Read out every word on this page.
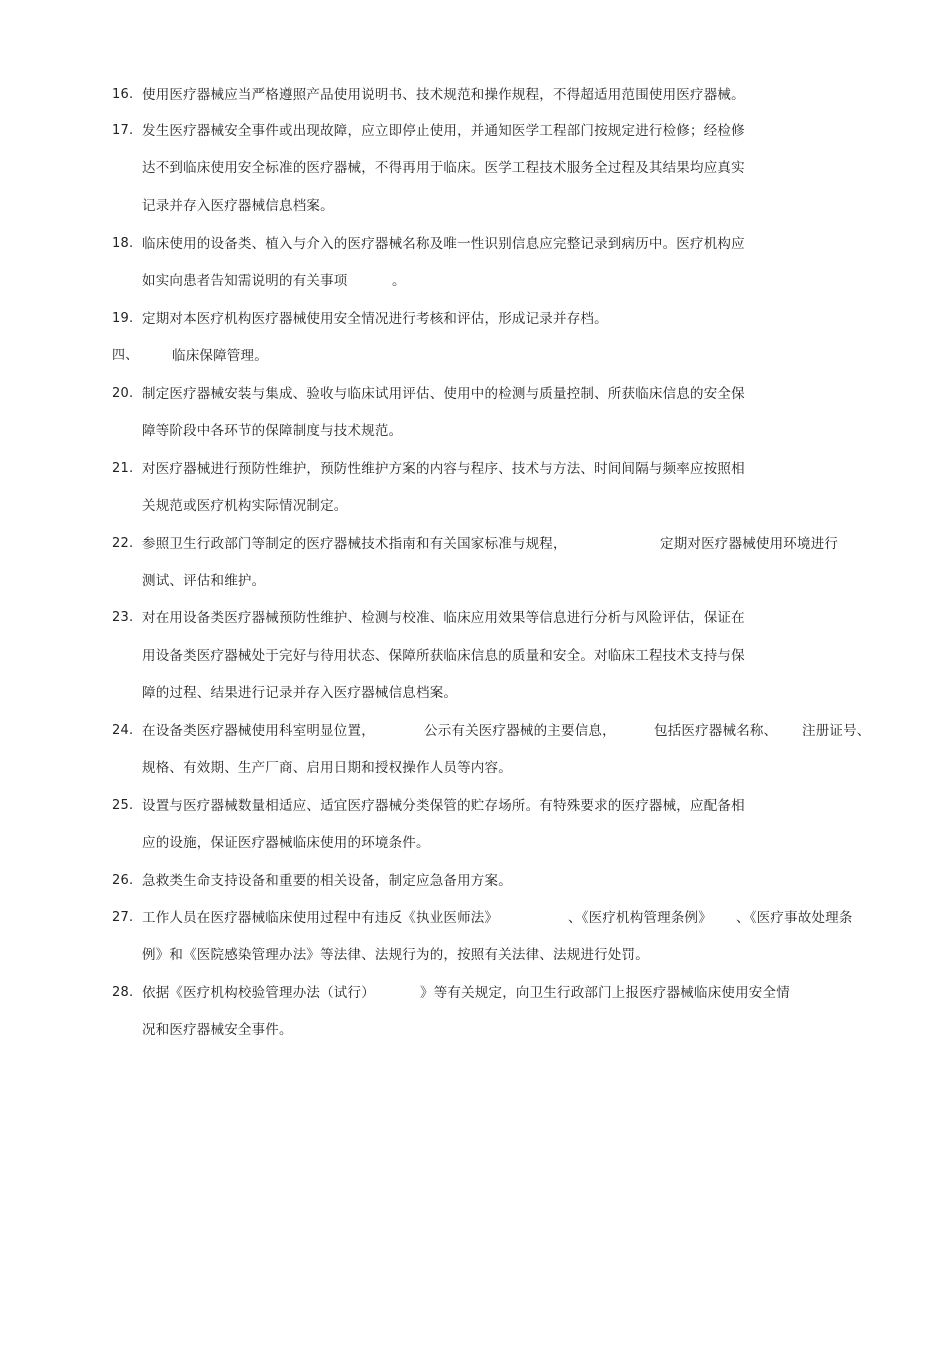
16. 使用医疗器械应当严格遵照产品使用说明书、技术规范和操作规程，不得超适用范围使用医疗器械。
17. 发生医疗器械安全事件或出现故障，应立即停止使用，并通知医学工程部门按规定进行检修；经检修
达不到临床使用安全标准的医疗器械，不得再用于临床。医学工程技术服务全过程及其结果均应真实
记录并存入医疗器械信息档案。
18. 临床使用的设备类、植入与介入的医疗器械名称及唯一性识别信息应完整记录到病历中。医疗机构应
如实向患者告知需说明的有关事项	。
19. 定期对本医疗机构医疗器械使用安全情况进行考核和评估，形成记录并存档。
四、 临床保障管理。
20. 制定医疗器械安装与集成、验收与临床试用评估、使用中的检测与质量控制、所获临床信息的安全保
障等阶段中各环节的保障制度与技术规范。
21. 对医疗器械进行预防性维护，预防性维护方案的内容与程序、技术与方法、时间间隔与频率应按照相
关规范或医疗机构实际情况制定。
22. 参照卫生行政部门等制定的医疗器械技术指南和有关国家标准与规程，	定期对医疗器械使用环境进行
测试、评估和维护。
23. 对在用设备类医疗器械预防性维护、检测与校准、临床应用效果等信息进行分析与风险评估，保证在
用设备类医疗器械处于完好与待用状态、保障所获临床信息的质量和安全。对临床工程技术支持与保
障的过程、结果进行记录并存入医疗器械信息档案。
24. 在设备类医疗器械使用科室明显位置，	公示有关医疗器械的主要信息，	包括医疗器械名称、 注册证号、
规格、有效期、生产厂商、启用日期和授权操作人员等内容。
25. 设置与医疗器械数量相适应、适宜医疗器械分类保管的贮存场所。有特殊要求的医疗器械，应配备相
应的设施，保证医疗器械临床使用的环境条件。
26. 急救类生命支持设备和重要的相关设备，制定应急备用方案。
27. 工作人员在医疗器械临床使用过程中有违反《执业医师法》	、《医疗机构管理条例》 、《医疗事故处理条
例》和《医院感染管理办法》等法律、法规行为的，按照有关法律、法规进行处罚。
28. 依据《医疗机构校验管理办法（试行）	》等有关规定，向卫生行政部门上报医疗器械临床使用安全情
况和医疗器械安全事件。
